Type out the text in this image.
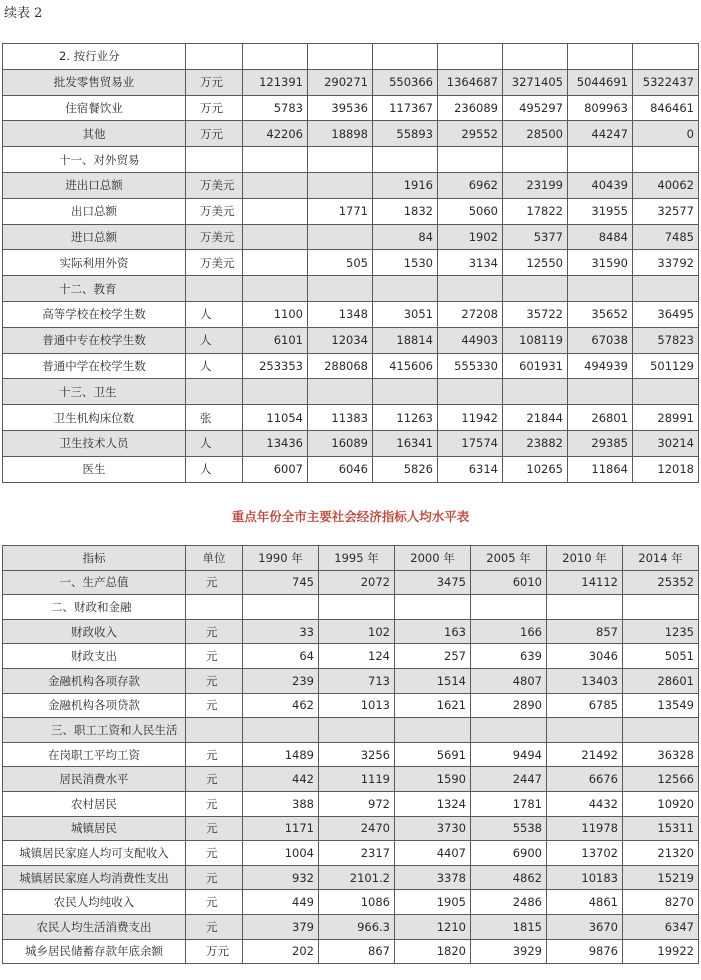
续表 2
2. 按行业分								
批发零售贸易业	万元	121391	290271	550366	1364687	3271405	5044691	5322437
住宿餐饮业	万元	5783	39536	117367	236089	495297	809963	846461
其他	万元	42206	18898	55893	29552	28500	44247	0
十一、对外贸易								
进出口总额	万美元			1916	6962	23199	40439	40062
出口总额	万美元		1771	1832	5060	17822	31955	32577
进口总额	万美元			84	1902	5377	8484	7485
实际利用外资	万美元		505	1530	3134	12550	31590	33792
十二、教育								
高等学校在校学生数	人	1100	1348	3051	27208	35722	35652	36495
普通中专在校学生数	人	6101	12034	18814	44903	108119	67038	57823
普通中学在校学生数	人	253353	288068	415606	555330	601931	494939	501129
十三、卫生								
卫生机构床位数	张	11054	11383	11263	11942	21844	26801	28991
卫生技术人员	人	13436	16089	16341	17574	23882	29385	30214
医生	人	6007	6046	5826	6314	10265	11864	12018
重点年份全市主要社会经济指标人均水平表
指标	单位	1990 年	1995 年	2000 年	2005 年	2010 年	2014 年
一、生产总值	元	745	2072	3475	6010	14112	25352
二、财政和金融							
财政收入	元	33	102	163	166	857	1235
财政支出	元	64	124	257	639	3046	5051
金融机构各项存款	元	239	713	1514	4807	13403	28601
金融机构各项贷款	元	462	1013	1621	2890	6785	13549
三、职工工资和人民生活							
在岗职工平均工资	元	1489	3256	5691	9494	21492	36328
居民消费水平	元	442	1119	1590	2447	6676	12566
农村居民	元	388	972	1324	1781	4432	10920
城镇居民	元	1171	2470	3730	5538	11978	15311
城镇居民家庭人均可支配收入	元	1004	2317	4407	6900	13702	21320
城镇居民家庭人均消费性支出	元	932	2101.2	3378	4862	10183	15219
农民人均纯收入	元	449	1086	1905	2486	4861	8270
农民人均生活消费支出	元	379	966.3	1210	1815	3670	6347
城乡居民储蓄存款年底余额	万元	202	867	1820	3929	9876	19922
